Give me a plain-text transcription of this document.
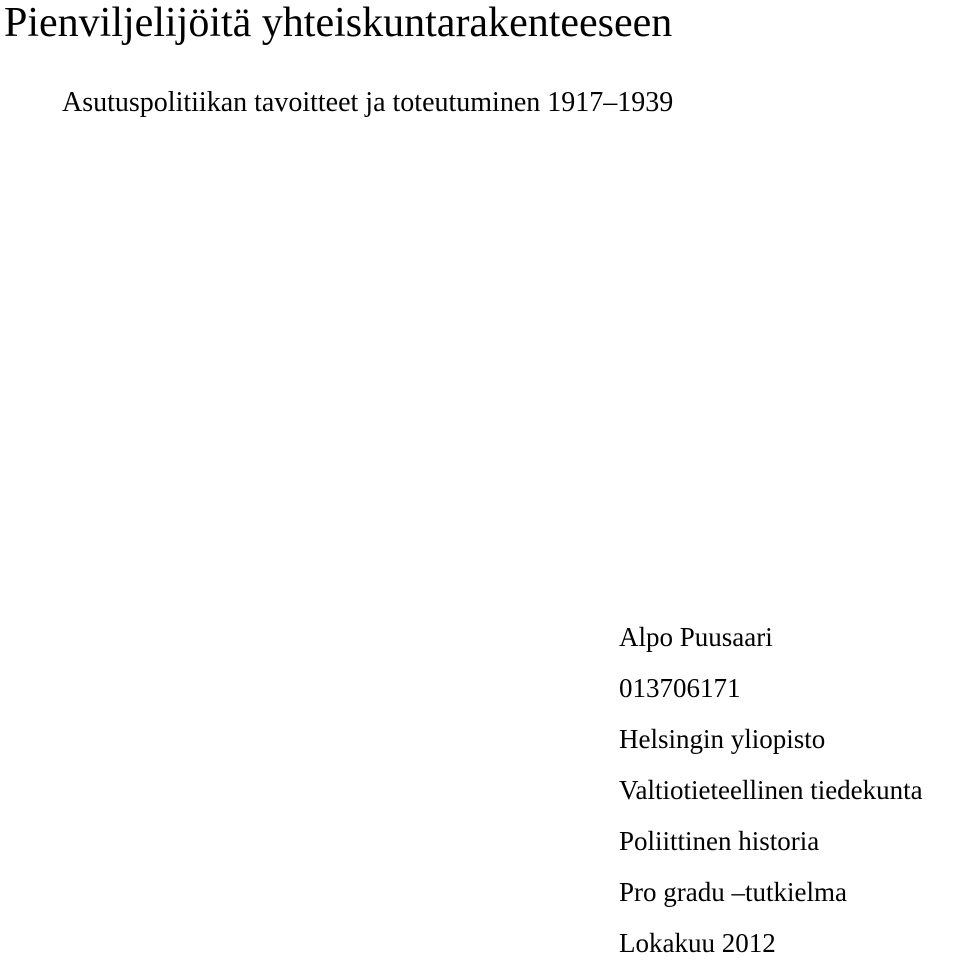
Pienviljelijöitä yhteiskuntarakenteeseen
Asutuspolitiikan tavoitteet ja toteutuminen 1917–1939
Alpo Puusaari
013706171
Helsingin yliopisto
Valtiotieteellinen tiedekunta
Poliittinen historia
Pro gradu –tutkielma
Lokakuu 2012
